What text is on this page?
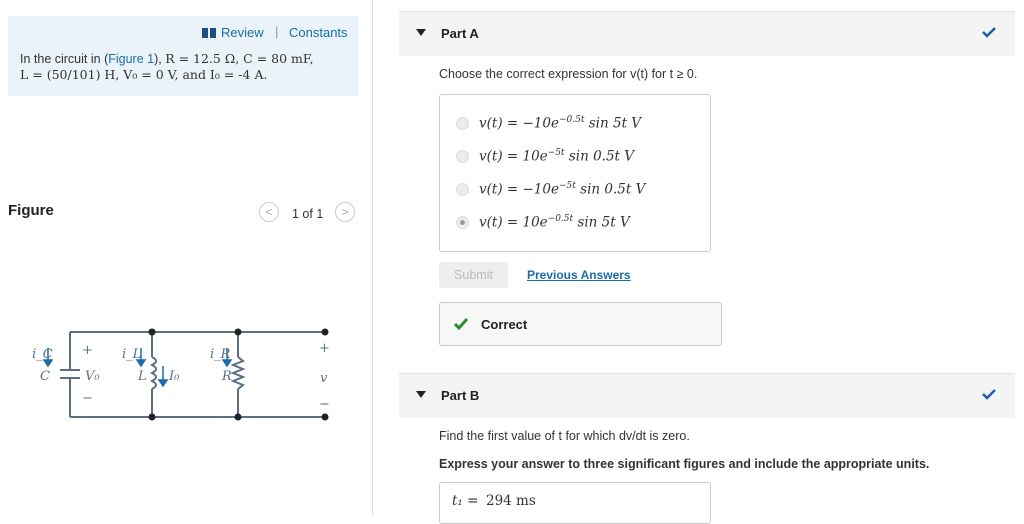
Review | Constants
In the circuit in (Figure 1), R = 12.5 Ω, C = 80 mF,
L = (50/101) H, V₀ = 0 V, and I₀ = -4 A.
Figure	<	1 of 1	>
i_C	i_L	i_R
C	V₀	L I₀	R	v
+
−
+
−
Part A
Choose the correct expression for v(t) for t ≥ 0.
$v(t) = -10e^{-0.5t}$ sin 5t V
$v(t) = 10e^{-5t}$ sin 0.5t V
$v(t) = -10e^{-5t}$ sin 0.5t V
$v(t) = 10e^{-0.5t}$ sin 5t V
Submit	Previous Answers
Correct
Part B
Find the first value of t for which dv/dt is zero.
Express your answer to three significant figures and include the appropriate units.
t₁ = 294 ms
